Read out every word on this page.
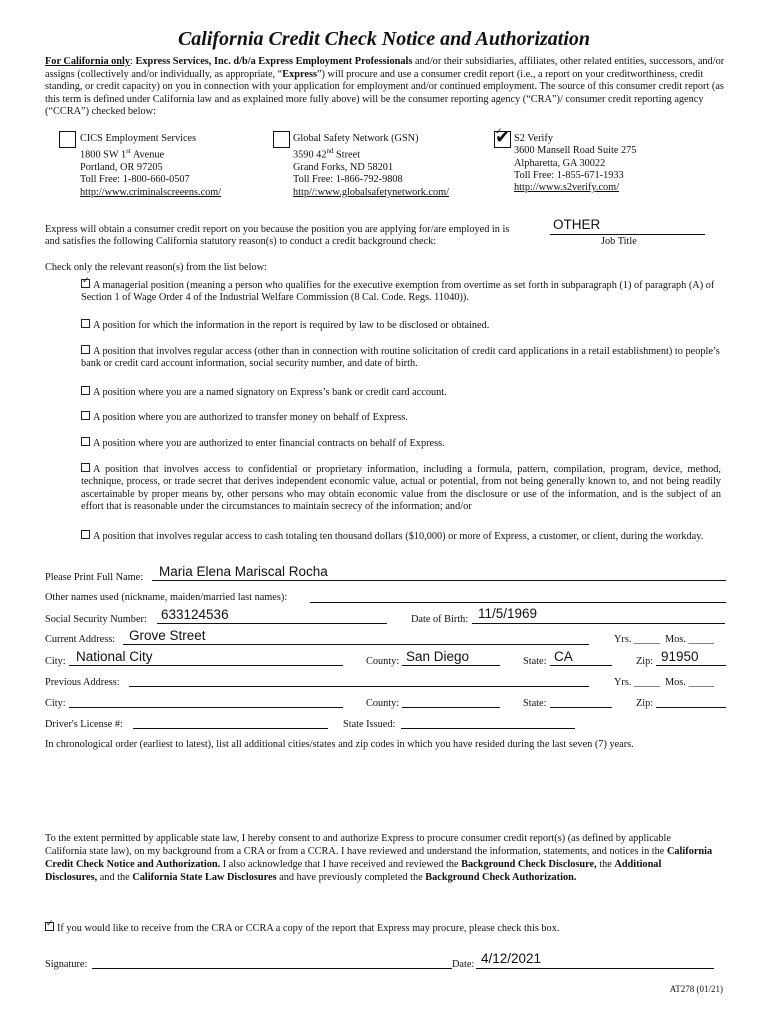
California Credit Check Notice and Authorization
For California only: Express Services, Inc. d/b/a Express Employment Professionals and/or their subsidiaries, affiliates, other related entities, successors, and/or assigns (collectively and/or individually, as appropriate, “Express”) will procure and use a consumer credit report (i.e., a report on your creditworthiness, credit standing, or credit capacity) on you in connection with your application for employment and/or continued employment. The source of this consumer credit report (as this term is defined under California law and as explained more fully above) will be the consumer reporting agency (“CRA”)/ consumer credit reporting agency (“CCRA”) checked below:
CICS Employment Services
1800 SW 1st Avenue
Portland, OR 97205
Toll Free: 1-800-660-0507
http://www.criminalscreeens.com/
Global Safety Network (GSN)
3590 42nd Street
Grand Forks, ND 58201
Toll Free: 1-866-792-9808
http//:www.globalsafetynetwork.com/
✔
✓ S2 Verify
3600 Mansell Road Suite 275
Alpharetta, GA 30022
Toll Free: 1-855-671-1933
http://www.s2verify.com/
Express will obtain a consumer credit report on you because the position you are applying for/are employed in is
and satisfies the following California statutory reason(s) to conduct a credit background check:
OTHER
Job Title
Check only the relevant reason(s) from the list below:
✓A managerial position (meaning a person who qualifies for the executive exemption from overtime as set forth in subparagraph (1) of paragraph (A) of Section 1 of Wage Order 4 of the Industrial Welfare Commission (8 Cal. Code. Regs. 11040)).
A position for which the information in the report is required by law to be disclosed or obtained.
A position that involves regular access (other than in connection with routine solicitation of credit card applications in a retail establishment) to people’s bank or credit card account information, social security number, and date of birth.
A position where you are a named signatory on Express’s bank or credit card account.
A position where you are authorized to transfer money on behalf of Express.
A position where you are authorized to enter financial contracts on behalf of Express.
A position that involves access to confidential or proprietary information, including a formula, pattern, compilation, program, device, method, technique, process, or trade secret that derives independent economic value, actual or potential, from not being generally known to, and not being readily ascertainable by proper means by, other persons who may obtain economic value from the disclosure or use of the information, and is the subject of an effort that is reasonable under the circumstances to maintain secrecy of the information; and/or
A position that involves regular access to cash totaling ten thousand dollars ($10,000) or more of Express, a customer, or client, during the workday.
Please Print Full Name: Maria Elena Mariscal Rocha
Other names used (nickname, maiden/married last names):
Social Security Number: 633124536	Date of Birth: 11/5/1969
Current Address: Grove Street	Yrs. _____ Mos. _____
City: National City	County: San Diego	State: CA	Zip: 91950
Previous Address:	Yrs. _____ Mos. _____
City:	County:	State:	Zip:
Driver's License #:	State Issued:
In chronological order (earliest to latest), list all additional cities/states and zip codes in which you have resided during the last seven (7) years.
To the extent permitted by applicable state law, I hereby consent to and authorize Express to procure consumer credit report(s) (as defined by applicable California state law), on my background from a CRA or from a CCRA. I have reviewed and understand the information, statements, and notices in the California Credit Check Notice and Authorization. I also acknowledge that I have received and reviewed the Background Check Disclosure, the Additional Disclosures, and the California State Law Disclosures and have previously completed the Background Check Authorization.
✓If you would like to receive from the CRA or CCRA a copy of the report that Express may procure, please check this box.
Signature:	Date: 4/12/2021
AT278 (01/21)
